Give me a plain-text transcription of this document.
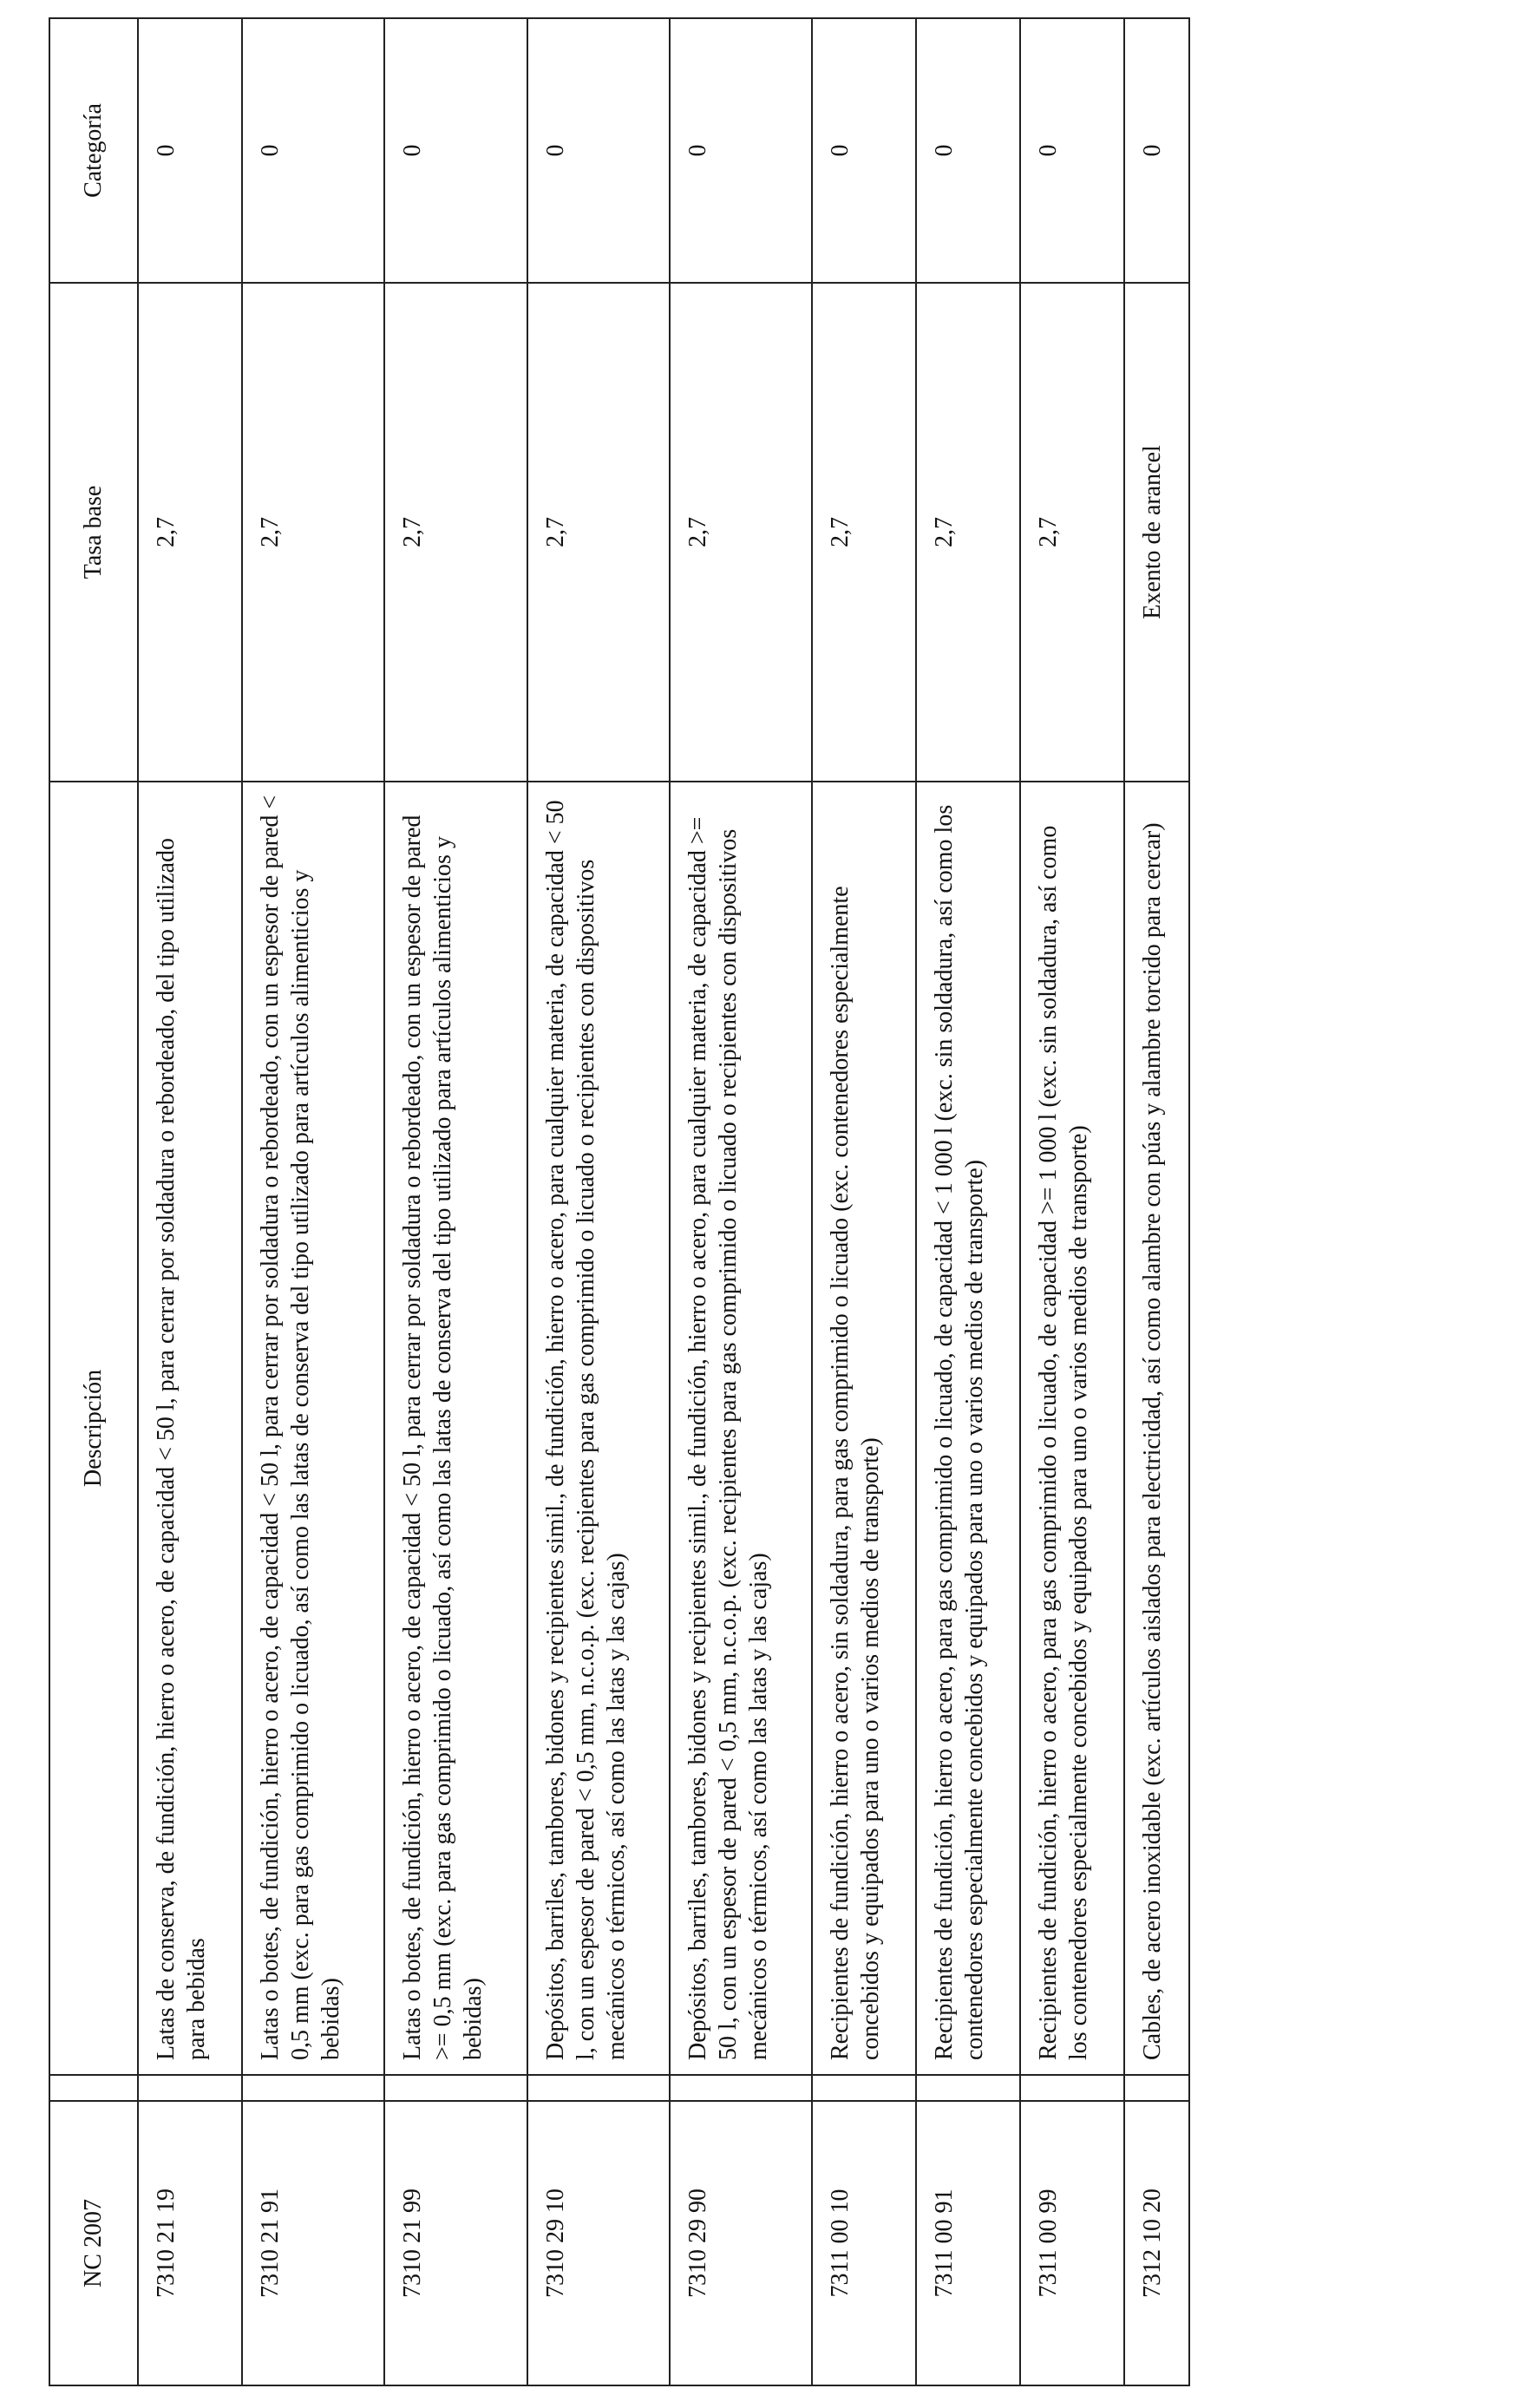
NC 2007		Descripción	Tasa base	Categoría
7310 21 19		Latas de conserva, de fundición, hierro o acero, de capacidad < 50 l, para cerrar por soldadura o rebordeado, del tipo utilizado para bebidas	2,7	0
7310 21 91		Latas o botes, de fundición, hierro o acero, de capacidad < 50 l, para cerrar por soldadura o rebordeado, con un espesor de pared < 0,5 mm (exc. para gas comprimido o licuado, así como las latas de conserva del tipo utilizado para artículos alimenticios y bebidas)	2,7	0
7310 21 99		Latas o botes, de fundición, hierro o acero, de capacidad < 50 l, para cerrar por soldadura o rebordeado, con un espesor de pared >= 0,5 mm (exc. para gas comprimido o licuado, así como las latas de conserva del tipo utilizado para artículos alimenticios y bebidas)	2,7	0
7310 29 10		Depósitos, barriles, tambores, bidones y recipientes simil., de fundición, hierro o acero, para cualquier materia, de capacidad < 50 l, con un espesor de pared < 0,5 mm, n.c.o.p. (exc. recipientes para gas comprimido o licuado o recipientes con dispositivos mecánicos o térmicos, así como las latas y las cajas)	2,7	0
7310 29 90		Depósitos, barriles, tambores, bidones y recipientes simil., de fundición, hierro o acero, para cualquier materia, de capacidad >= 50 l, con un espesor de pared < 0,5 mm, n.c.o.p. (exc. recipientes para gas comprimido o licuado o recipientes con dispositivos mecánicos o térmicos, así como las latas y las cajas)	2,7	0
7311 00 10		Recipientes de fundición, hierro o acero, sin soldadura, para gas comprimido o licuado (exc. contenedores especialmente concebidos y equipados para uno o varios medios de transporte)	2,7	0
7311 00 91		Recipientes de fundición, hierro o acero, para gas comprimido o licuado, de capacidad < 1 000 l (exc. sin soldadura, así como los contenedores especialmente concebidos y equipados para uno o varios medios de transporte)	2,7	0
7311 00 99		Recipientes de fundición, hierro o acero, para gas comprimido o licuado, de capacidad >= 1 000 l (exc. sin soldadura, así como los contenedores especialmente concebidos y equipados para uno o varios medios de transporte)	2,7	0
7312 10 20		Cables, de acero inoxidable (exc. artículos aislados para electricidad, así como alambre con púas y alambre torcido para cercar)	Exento de arancel	0
